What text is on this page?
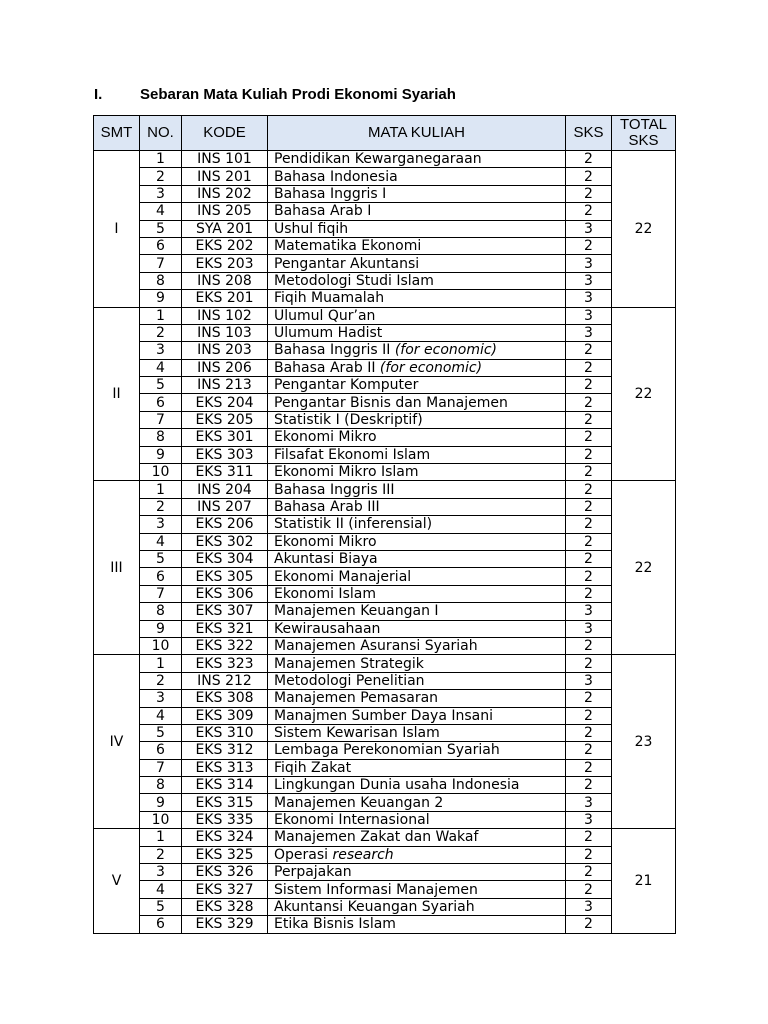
I.	Sebaran Mata Kuliah Prodi Ekonomi Syariah
SMT	NO.	KODE	MATA KULIAH	SKS	TOTAL
SKS
I	1	INS 101	Pendidikan Kewarganegaraan	2	22
	2	INS 201	Bahasa Indonesia	2	
	3	INS 202	Bahasa Inggris I	2	
	4	INS 205	Bahasa Arab I	2	
	5	SYA 201	Ushul fiqih	3	
	6	EKS 202	Matematika Ekonomi	2	
	7	EKS 203	Pengantar Akuntansi	3	
	8	INS 208	Metodologi Studi Islam	3	
	9	EKS 201	Fiqih Muamalah	3	
II	1	INS 102	Ulumul Qur’an	3	22
	2	INS 103	Ulumum Hadist	3	
	3	INS 203	Bahasa Inggris II (for economic)	2	
	4	INS 206	Bahasa Arab II (for economic)	2	
	5	INS 213	Pengantar Komputer	2	
	6	EKS 204	Pengantar Bisnis dan Manajemen	2	
	7	EKS 205	Statistik I (Deskriptif)	2	
	8	EKS 301	Ekonomi Mikro	2	
	9	EKS 303	Filsafat Ekonomi Islam	2	
	10	EKS 311	Ekonomi Mikro Islam	2	
III	1	INS 204	Bahasa Inggris III	2	22
	2	INS 207	Bahasa Arab III	2	
	3	EKS 206	Statistik II (inferensial)	2	
	4	EKS 302	Ekonomi Mikro	2	
	5	EKS 304	Akuntasi Biaya	2	
	6	EKS 305	Ekonomi Manajerial	2	
	7	EKS 306	Ekonomi Islam	2	
	8	EKS 307	Manajemen Keuangan I	3	
	9	EKS 321	Kewirausahaan	3	
	10	EKS 322	Manajemen Asuransi Syariah	2	
IV	1	EKS 323	Manajemen Strategik	2	23
	2	INS 212	Metodologi Penelitian	3	
	3	EKS 308	Manajemen Pemasaran	2	
	4	EKS 309	Manajmen Sumber Daya Insani	2	
	5	EKS 310	Sistem Kewarisan Islam	2	
	6	EKS 312	Lembaga Perekonomian Syariah	2	
	7	EKS 313	Fiqih Zakat	2	
	8	EKS 314	Lingkungan Dunia usaha Indonesia	2	
	9	EKS 315	Manajemen Keuangan 2	3	
	10	EKS 335	Ekonomi Internasional	3	
V	1	EKS 324	Manajemen Zakat dan Wakaf	2	21
	2	EKS 325	Operasi research	2	
	3	EKS 326	Perpajakan	2	
	4	EKS 327	Sistem Informasi Manajemen	2	
	5	EKS 328	Akuntansi Keuangan Syariah	3	
	6	EKS 329	Etika Bisnis Islam	2	
